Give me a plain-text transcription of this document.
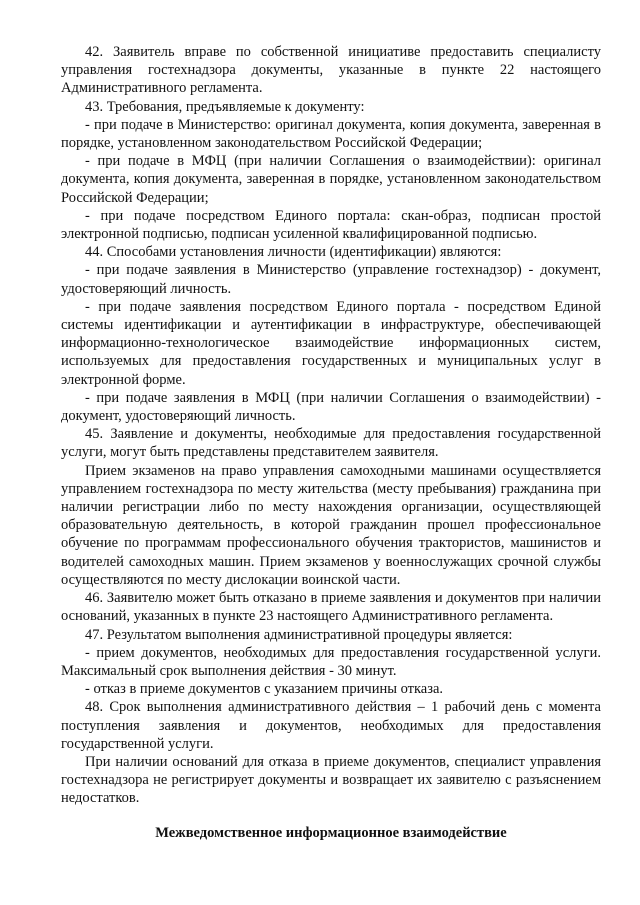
42. Заявитель вправе по собственной инициативе предоставить специалисту управления гостехнадзора документы, указанные в пункте 22 настоящего Административного регламента.

43. Требования, предъявляемые к документу:

- при подаче в Министерство: оригинал документа, копия документа, заверенная в порядке, установленном законодательством Российской Федерации;

- при подаче в МФЦ (при наличии Соглашения о взаимодействии): оригинал документа, копия документа, заверенная в порядке, установленном законодательством Российской Федерации;

- при подаче посредством Единого портала: скан-образ, подписан простой электронной подписью, подписан усиленной квалифицированной подписью.

44. Способами установления личности (идентификации) являются:

- при подаче заявления в Министерство (управление гостехнадзор) - документ, удостоверяющий личность.

- при подаче заявления посредством Единого портала - посредством Единой системы идентификации и аутентификации в инфраструктуре, обеспечивающей информационно-технологическое взаимодействие информационных систем, используемых для предоставления государственных и муниципальных услуг в электронной форме.

- при подаче заявления в МФЦ (при наличии Соглашения о взаимодействии) - документ, удостоверяющий личность.

45. Заявление и документы, необходимые для предоставления государственной услуги, могут быть представлены представителем заявителя.

Прием экзаменов на право управления самоходными машинами осуществляется управлением гостехнадзора по месту жительства (месту пребывания) гражданина при наличии регистрации либо по месту нахождения организации, осуществляющей образовательную деятельность, в которой гражданин прошел профессиональное обучение по программам профессионального обучения трактористов, машинистов и водителей самоходных машин. Прием экзаменов у военнослужащих срочной службы осуществляются по месту дислокации воинской части.

46. Заявителю может быть отказано в приеме заявления и документов при наличии оснований, указанных в пункте 23 настоящего Административного регламента.

47. Результатом выполнения административной процедуры является:

- прием документов, необходимых для предоставления государственной услуги. Максимальный срок выполнения действия - 30 минут.

- отказ в приеме документов с указанием причины отказа.

48. Срок выполнения административного действия – 1 рабочий день с момента поступления заявления и документов, необходимых для предоставления государственной услуги.

При наличии оснований для отказа в приеме документов, специалист управления гостехнадзора не регистрирует документы и возвращает их заявителю с разъяснением недостатков.

Межведомственное информационное взаимодействие
